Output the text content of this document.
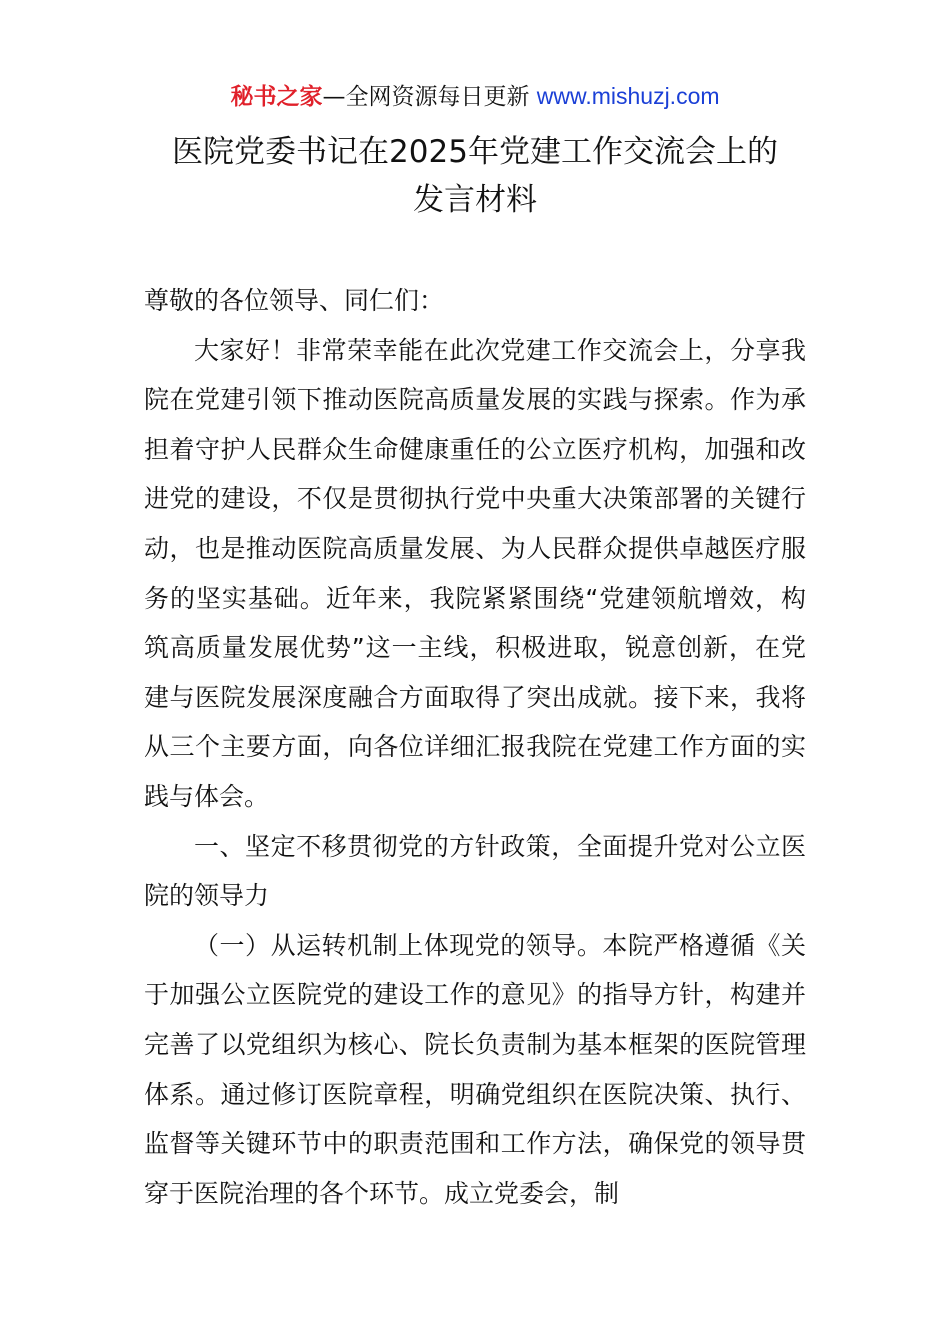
秘书之家—全网资源每日更新 www.mishuzj.com
医院党委书记在2025年党建工作交流会上的
发言材料

尊敬的各位领导、同仁们：

大家好！非常荣幸能在此次党建工作交流会上，分享我院在党建引领下推动医院高质量发展的实践与探索。作为承担着守护人民群众生命健康重任的公立医疗机构，加强和改进党的建设，不仅是贯彻执行党中央重大决策部署的关键行动，也是推动医院高质量发展、为人民群众提供卓越医疗服务的坚实基础。近年来，我院紧紧围绕“党建领航增效，构筑高质量发展优势”这一主线，积极进取，锐意创新，在党建与医院发展深度融合方面取得了突出成就。接下来，我将从三个主要方面，向各位详细汇报我院在党建工作方面的实践与体会。

一、坚定不移贯彻党的方针政策，全面提升党对公立医院的领导力

（一）从运转机制上体现党的领导。本院严格遵循《关于加强公立医院党的建设工作的意见》的指导方针，构建并完善了以党组织为核心、院长负责制为基本框架的医院管理体系。通过修订医院章程，明确党组织在医院决策、执行、监督等关键环节中的职责范围和工作方法，确保党的领导贯穿于医院治理的各个环节。成立党委会，制
